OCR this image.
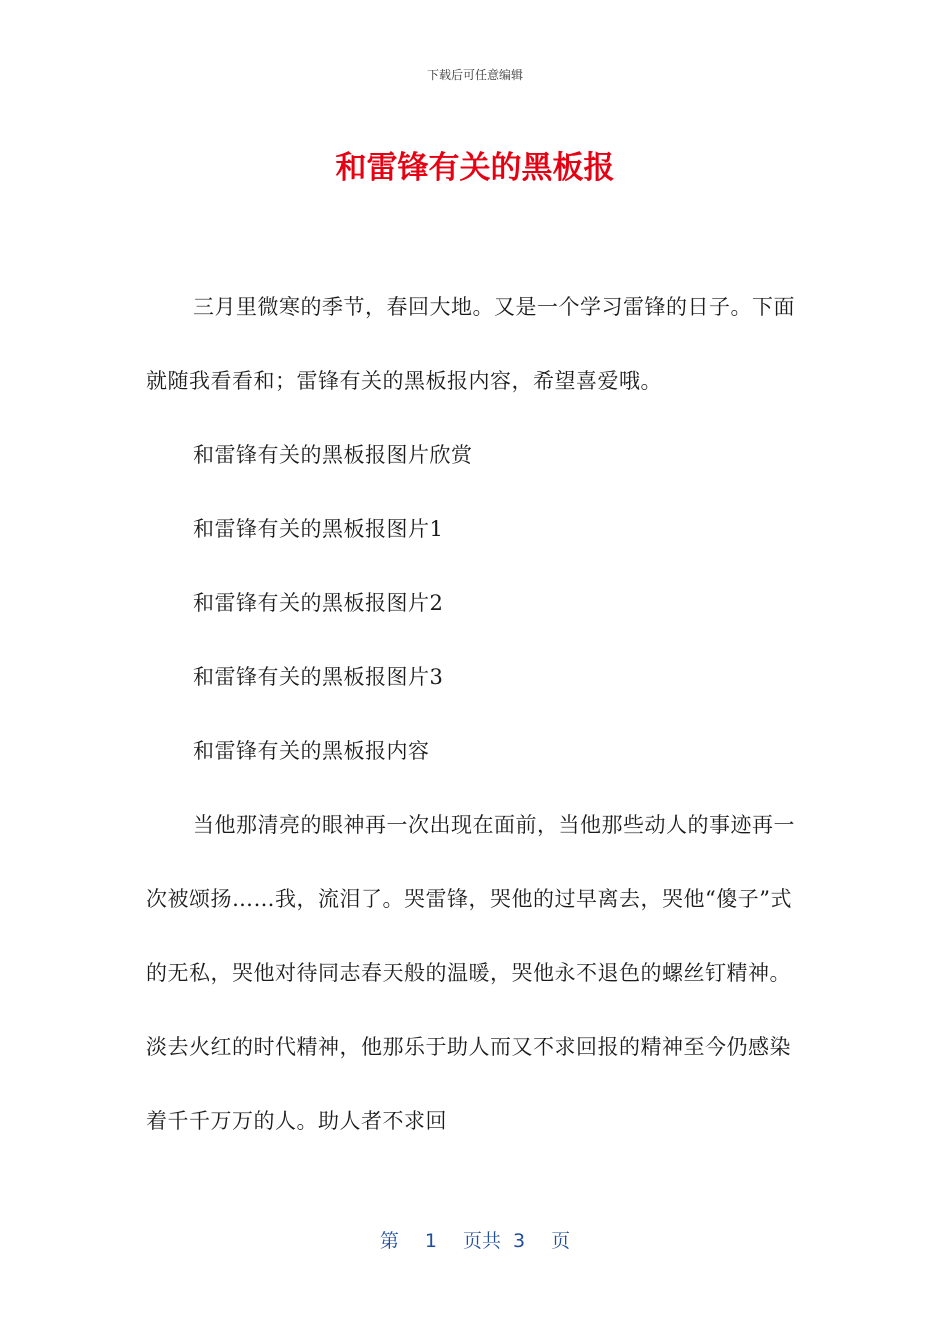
下载后可任意编辑
和雷锋有关的黑板报

三月里微寒的季节，春回大地。又是一个学习雷锋的日子。下面就随我看看和；雷锋有关的黑板报内容，希望喜爱哦。

和雷锋有关的黑板报图片欣赏

和雷锋有关的黑板报图片1

和雷锋有关的黑板报图片2

和雷锋有关的黑板报图片3

和雷锋有关的黑板报内容

当他那清亮的眼神再一次出现在面前，当他那些动人的事迹再一次被颂扬……我，流泪了。哭雷锋，哭他的过早离去，哭他“傻子”式的无私，哭他对待同志春天般的温暖，哭他永不退色的螺丝钉精神。淡去火红的时代精神，他那乐于助人而又不求回报的精神至今仍感染着千千万万的人。助人者不求回

第 1 页共 3 页
